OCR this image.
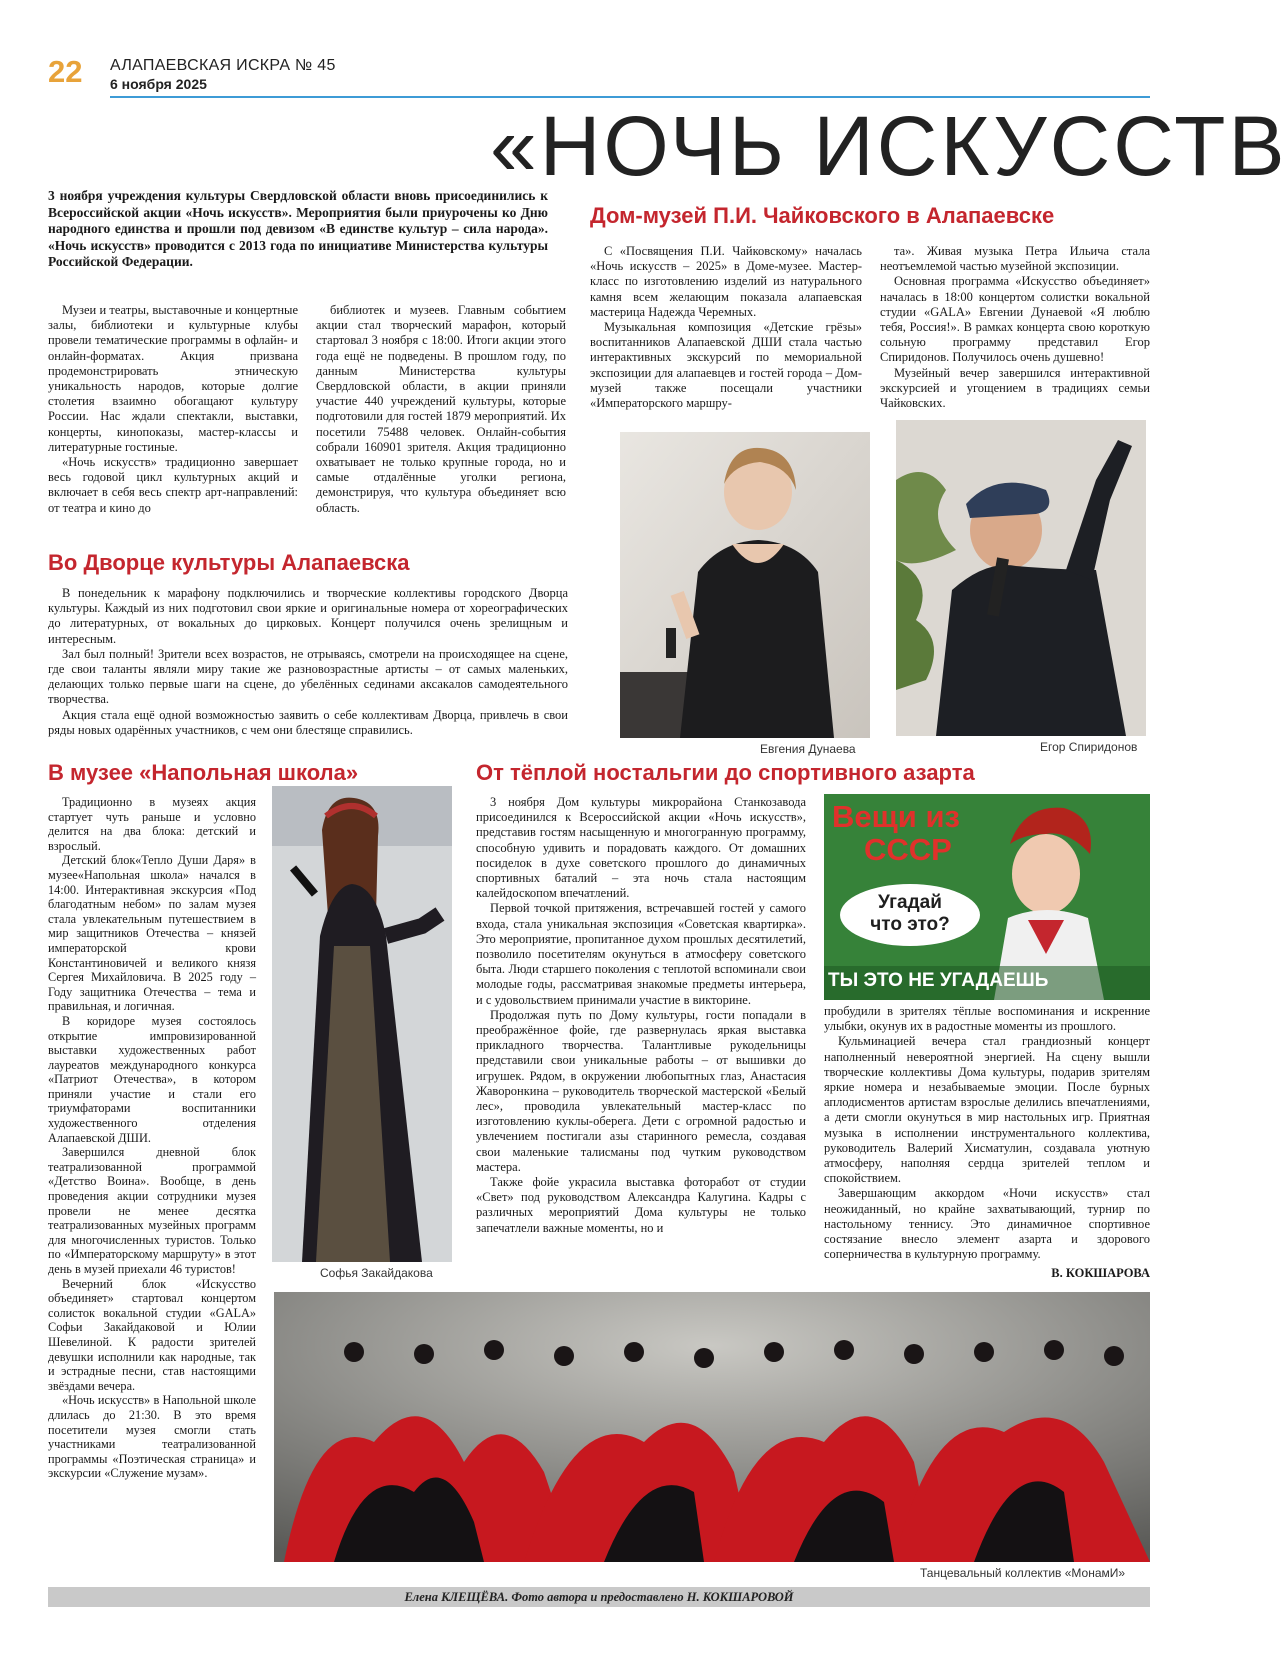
22 АЛАПАЕВСКАЯ ИСКРА № 45
6 ноября 2025
«НОЧЬ ИСКУССТВ
3 ноября учреждения культуры Свердловской области вновь присоединились к Всероссийской акции «Ночь искусств». Мероприятия были приурочены ко Дню народного единства и прошли под девизом «В единстве культур – сила народа». «Ночь искусств» проводится с 2013 года по инициативе Министерства культуры Российской Федерации.

Музеи и театры, выставочные и концертные залы, библиотеки и культурные клубы провели тематические программы в офлайн- и онлайн-форматах. Акция призвана продемонстрировать этническую уникальность народов, которые долгие столетия взаимно обогащают культуру России. Нас ждали спектакли, выставки, концерты, кинопоказы, мастер-классы и литературные гостиные.

«Ночь искусств» традиционно завершает весь годовой цикл культурных акций и включает в себя весь спектр арт-направлений: от театра и кино до

библиотек и музеев. Главным событием акции стал творческий марафон, который стартовал 3 ноября с 18:00. Итоги акции этого года ещё не подведены. В прошлом году, по данным Министерства культуры Свердловской области, в акции приняли участие 440 учреждений культуры, которые подготовили для гостей 1879 мероприятий. Их посетили 75488 человек. Онлайн-события собрали 160901 зрителя. Акция традиционно охватывает не только крупные города, но и самые отдалённые уголки региона, демонстрируя, что культура объединяет всю область.

Во Дворце культуры Алапаевска

В понедельник к марафону подключились и творческие коллективы городского Дворца культуры. Каждый из них подготовил свои яркие и оригинальные номера от хореографических до литературных, от вокальных до цирковых. Концерт получился очень зрелищным и интересным.

Зал был полный! Зрители всех возрастов, не отрываясь, смотрели на происходящее на сцене, где свои таланты являли миру такие же разновозрастные артисты – от самых маленьких, делающих только первые шаги на сцене, до убелённых сединами аксакалов самодеятельного творчества.

Акция стала ещё одной возможностью заявить о себе коллективам Дворца, привлечь в свои ряды новых одарённых участников, с чем они блестяще справились.

Дом-музей П.И. Чайковского в Алапаевске

С «Посвящения П.И. Чайковскому» началась «Ночь искусств – 2025» в Доме-музее. Мастер-класс по изготовлению изделий из натурального камня всем желающим показала алапаевская мастерица Надежда Черемных.

Музыкальная композиция «Детские грёзы» воспитанников Алапаевской ДШИ стала частью интерактивных экскурсий по мемориальной экспозиции для алапаевцев и гостей города – Дом-музей также посещали участники «Императорского маршру-

та». Живая музыка Петра Ильича стала неотъемлемой частью музейной экспозиции.

Основная программа «Искусство объединяет» началась в 18:00 концертом солистки вокальной студии «GALA» Евгении Дунаевой «Я люблю тебя, Россия!». В рамках концерта свою короткую сольную программу представил Егор Спиридонов. Получилось очень душевно!

Музейный вечер завершился интерактивной экскурсией и угощением в традициях семьи Чайковских.

Евгения Дунаева	Егор Спиридонов
В музее «Напольная школа»

Традиционно в музеях акция стартует чуть раньше и условно делится на два блока: детский и взрослый.

Детский блок«Тепло Души Даря» в музее«Напольная школа» начался в 14:00. Интерактивная экскурсия «Под благодатным небом» по залам музея стала увлекательным путешествием в мир защитников Отечества – князей императорской крови Константиновичей и великого князя Сергея Михайловича. В 2025 году – Году защитника Отечества – тема и правильная, и логичная.

В коридоре музея состоялось открытие импровизированной выставки художественных работ лауреатов международного конкурса «Патриот Отечества», в котором приняли участие и стали его триумфаторами воспитанники художественного отделения Алапаевской ДШИ.

Завершился дневной блок театрализованной программой «Детство Воина». Вообще, в день проведения акции сотрудники музея провели не менее десятка театрализованных музейных программ для многочисленных туристов. Только по «Императорскому маршруту» в этот день в музей приехали 46 туристов!

Вечерний блок «Искусство объединяет» стартовал концертом солисток вокальной студии «GALA» Софьи Закайдаковой и Юлии Шевелиной. К радости зрителей девушки исполнили как народные, так и эстрадные песни, став настоящими звёздами вечера.

«Ночь искусств» в Напольной школе длилась до 21:30. В это время посетители музея смогли стать участниками театрализованной программы «Поэтическая страница» и экскурсии «Служение музам».

Софья Закайдакова
От тёплой ностальгии до спортивного азарта

3 ноября Дом культуры микрорайона Станкозавода присоединился к Всероссийской акции «Ночь искусств», представив гостям насыщенную и многогранную программу, способную удивить и порадовать каждого. От домашних посиделок в духе советского прошлого до динамичных спортивных баталий – эта ночь стала настоящим калейдоскопом впечатлений.

Первой точкой притяжения, встречавшей гостей у самого входа, стала уникальная экспозиция «Советская квартирка». Это мероприятие, пропитанное духом прошлых десятилетий, позволило посетителям окунуться в атмосферу советского быта. Люди старшего поколения с теплотой вспоминали свои молодые годы, рассматривая знакомые предметы интерьера, и с удовольствием принимали участие в викторине.

Продолжая путь по Дому культуры, гости попадали в преображённое фойе, где развернулась яркая выставка прикладного творчества. Талантливые рукодельницы представили свои уникальные работы – от вышивки до игрушек. Рядом, в окружении любопытных глаз, Анастасия Жаворонкина – руководитель творческой мастерской «Белый лес», проводила увлекательный мастер-класс по изготовлению куклы-оберега. Дети с огромной радостью и увлечением постигали азы старинного ремесла, создавая свои маленькие талисманы под чутким руководством мастера.

Также фойе украсила выставка фоторабот от студии «Свет» под руководством Александра Калугина. Кадры с различных мероприятий Дома культуры не только запечатлели важные моменты, но и

Вещи из
СССР
Угадай
что это?
ТЫ ЭТО НЕ УГАДАЕШЬ

пробудили в зрителях тёплые воспоминания и искренние улыбки, окунув их в радостные моменты из прошлого.

Кульминацией вечера стал грандиозный концерт наполненный невероятной энергией. На сцену вышли творческие коллективы Дома культуры, подарив зрителям яркие номера и незабываемые эмоции. После бурных аплодисментов артистам взрослые делились впечатлениями, а дети смогли окунуться в мир настольных игр. Приятная музыка в исполнении инструментального коллектива, руководитель Валерий Хисматулин, создавала уютную атмосферу, наполняя сердца зрителей теплом и спокойствием.

Завершающим аккордом «Ночи искусств» стал неожиданный, но крайне захватывающий, турнир по настольному теннису. Это динамичное спортивное состязание внесло элемент азарта и здорового соперничества в культурную программу.

В. КОКШАРОВА
Танцевальный коллектив «МонамИ»
Елена КЛЕЩЁВА. Фото автора и предоставлено Н. КОКШАРОВОЙ
